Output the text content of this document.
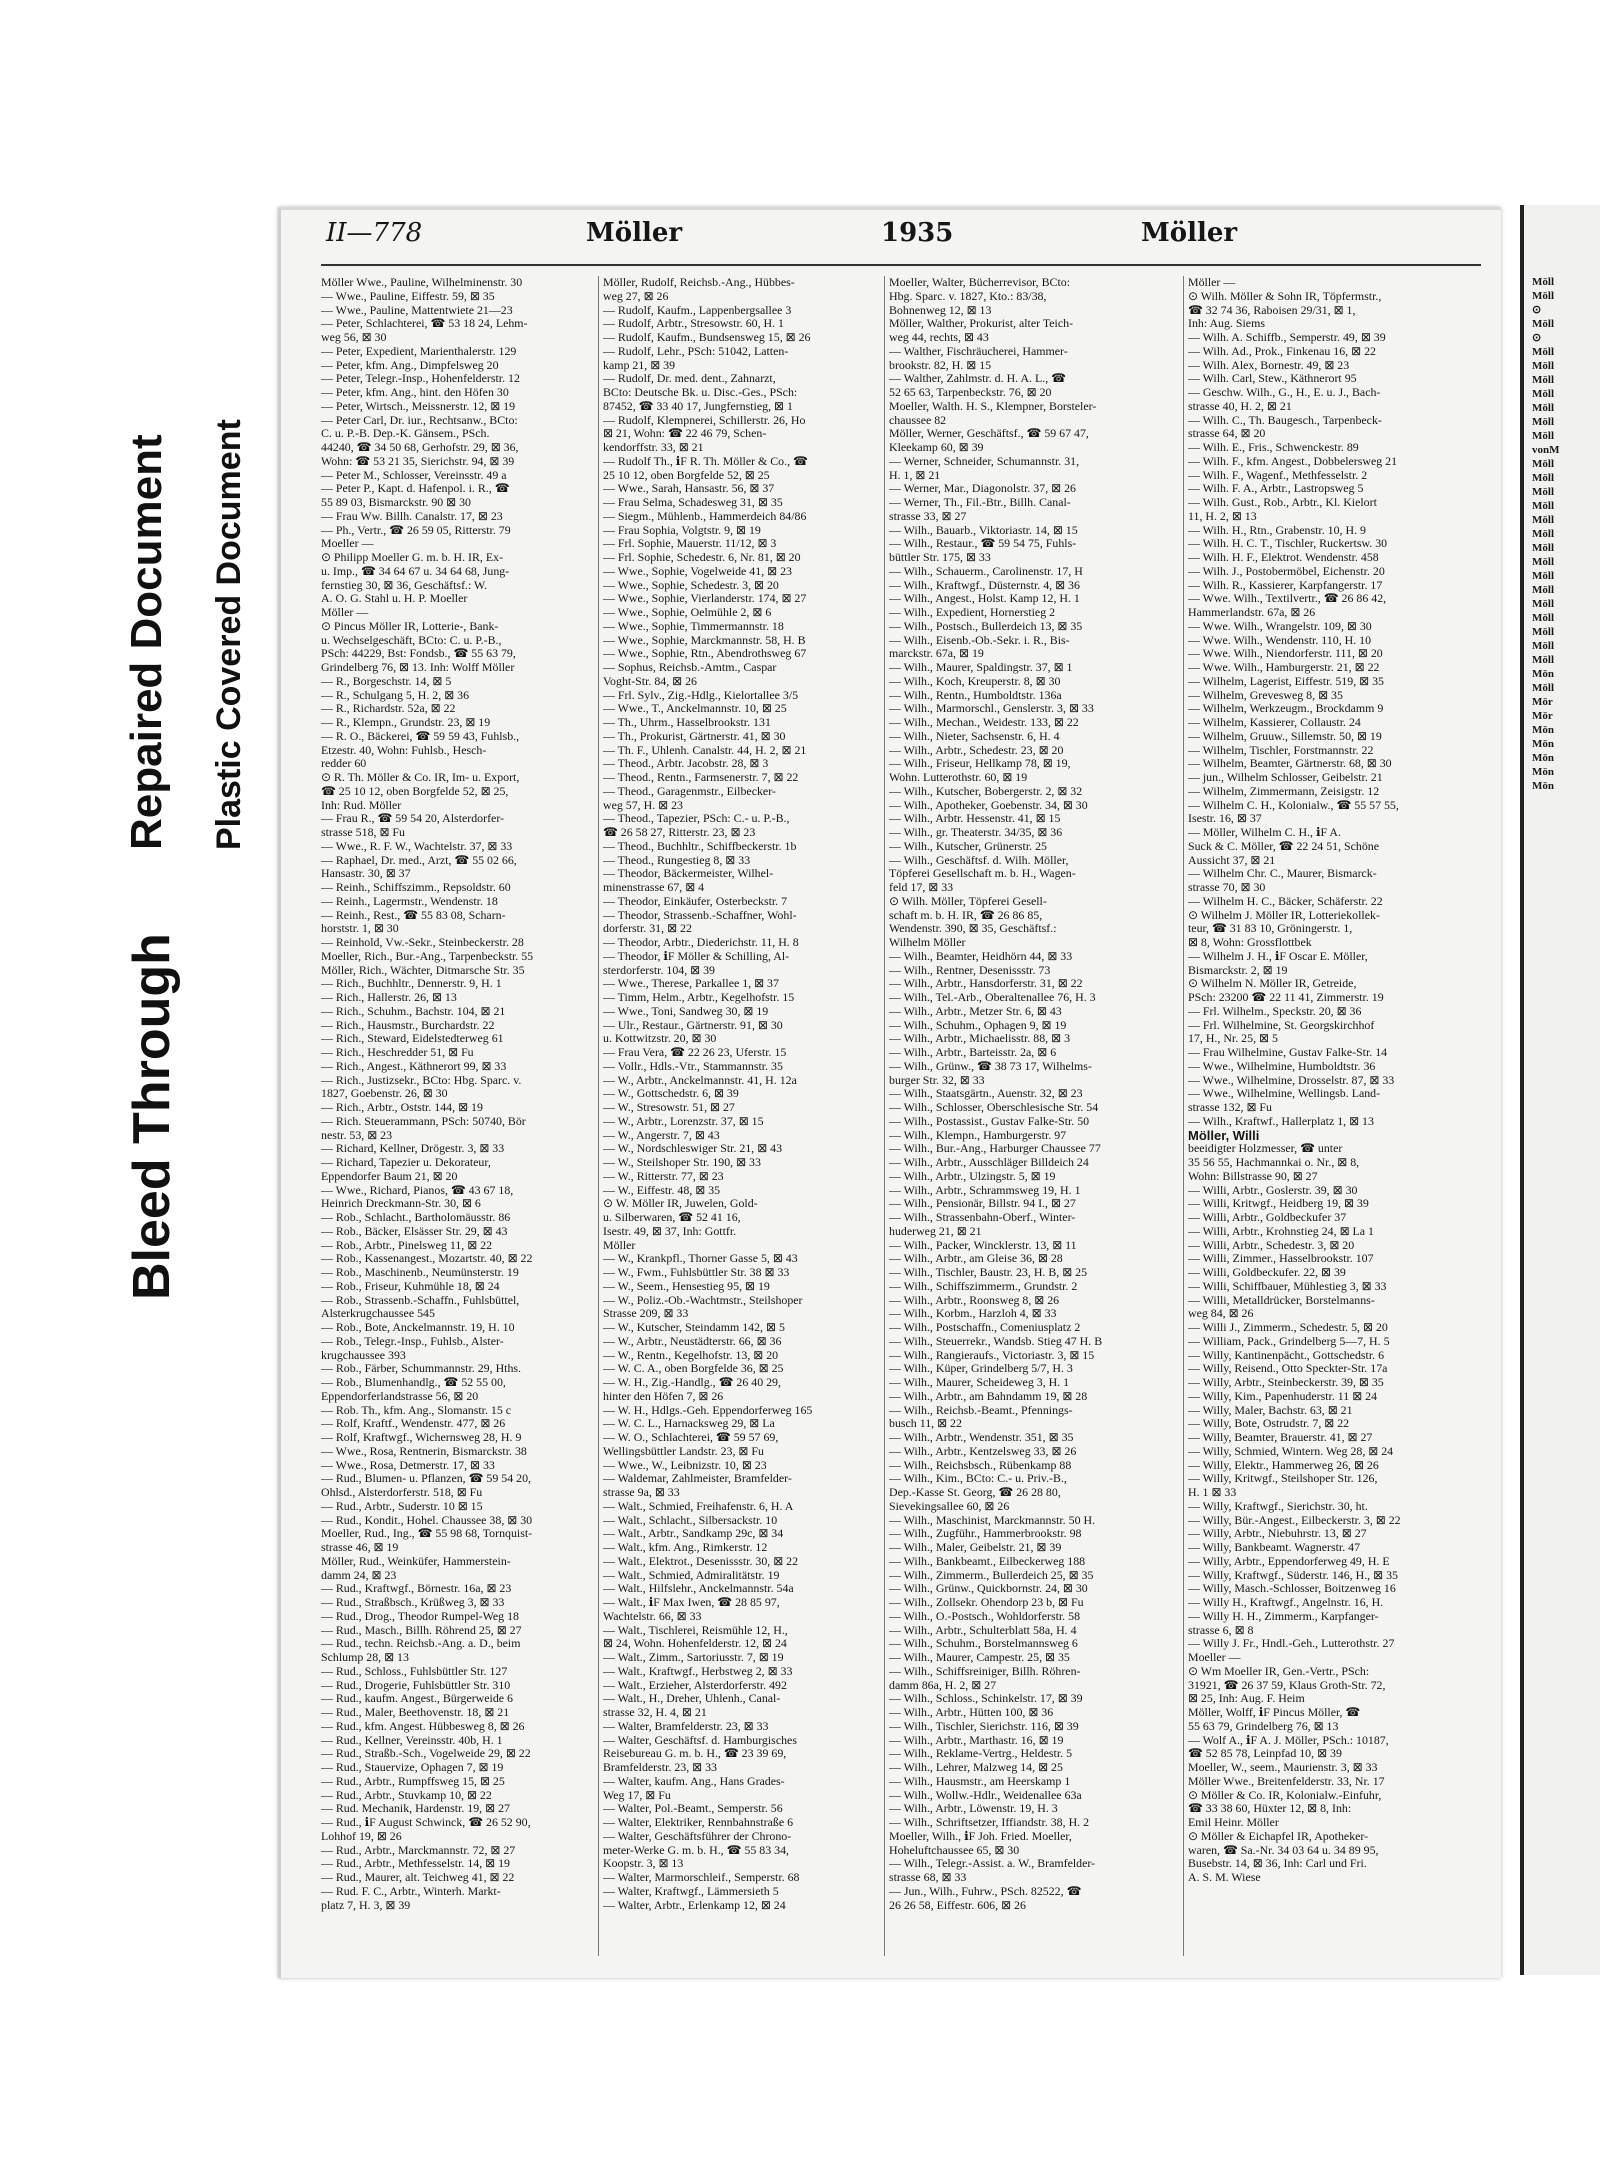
Bleed Through
Repaired Document Plastic Covered Document
II—778	Möller	1935	Möller
Möller Wwe., Pauline, Wilhelminenstr. 30
— Wwe., Pauline, Eiffestr. 59, ⊠ 35
— Wwe., Pauline, Mattentwiete 21—23
— Peter, Schlachterei, ☎ 53 18 24, Lehm-
weg 56, ⊠ 30
— Peter, Expedient, Marienthalerstr. 129
— Peter, kfm. Ang., Dimpfelsweg 20
— Peter, Telegr.-Insp., Hohenfelderstr. 12
— Peter, kfm. Ang., hint. den Höfen 30
— Peter, Wirtsch., Meissnerstr. 12, ⊠ 19
— Peter Carl, Dr. iur., Rechtsanw., BCto:
C. u. P.-B. Dep.-K. Gänsem., PSch.
44240, ☎ 34 50 68, Gerhofstr. 29, ⊠ 36,
Wohn: ☎ 53 21 35, Sierichstr. 94, ⊠ 39
— Peter M., Schlosser, Vereinsstr. 49 a
— Peter P., Kapt. d. Hafenpol. i. R., ☎
55 89 03, Bismarckstr. 90 ⊠ 30
— Frau Ww. Billh. Canalstr. 17, ⊠ 23
— Ph., Vertr., ☎ 26 59 05, Ritterstr. 79
Moeller —
⊙ Philipp Moeller G. m. b. H. IR, Ex-
u. Imp., ☎ 34 64 67 u. 34 64 68, Jung-
fernstieg 30, ⊠ 36, Geschäftsf.: W.
A. O. G. Stahl u. H. P. Moeller
Möller —
⊙ Pincus Möller IR, Lotterie-, Bank-
u. Wechselgeschäft, BCto: C. u. P.-B.,
PSch: 44229, Bst: Fondsb., ☎ 55 63 79,
Grindelberg 76, ⊠ 13. Inh: Wolff Möller
— R., Borgeschstr. 14, ⊠ 5
— R., Schulgang 5, H. 2, ⊠ 36
— R., Richardstr. 52a, ⊠ 22
— R., Klempn., Grundstr. 23, ⊠ 19
— R. O., Bäckerei, ☎ 59 59 43, Fuhlsb.,
Etzestr. 40, Wohn: Fuhlsb., Hesch-
redder 60
⊙ R. Th. Möller & Co. IR, Im- u. Export,
☎ 25 10 12, oben Borgfelde 52, ⊠ 25,
Inh: Rud. Möller
— Frau R., ☎ 59 54 20, Alsterdorfer-
strasse 518, ⊠ Fu
— Wwe., R. F. W., Wachtelstr. 37, ⊠ 33
— Raphael, Dr. med., Arzt, ☎ 55 02 66,
Hansastr. 30, ⊠ 37
— Reinh., Schiffszimm., Repsoldstr. 60
— Reinh., Lagermstr., Wendenstr. 18
— Reinh., Rest., ☎ 55 83 08, Scharn-
horststr. 1, ⊠ 30
— Reinhold, Vw.-Sekr., Steinbeckerstr. 28
Moeller, Rich., Bur.-Ang., Tarpenbeckstr. 55
Möller, Rich., Wächter, Ditmarsche Str. 35
— Rich., Buchhltr., Dennerstr. 9, H. 1
— Rich., Hallerstr. 26, ⊠ 13
— Rich., Schuhm., Bachstr. 104, ⊠ 21
— Rich., Hausmstr., Burchardstr. 22
— Rich., Steward, Eidelstedterweg 61
— Rich., Heschredder 51, ⊠ Fu
— Rich., Angest., Käthnerort 99, ⊠ 33
— Rich., Justizsekr., BCto: Hbg. Sparc. v.
1827, Goebenstr. 26, ⊠ 30
— Rich., Arbtr., Oststr. 144, ⊠ 19
— Rich. Steuerammann, PSch: 50740, Bör
nestr. 53, ⊠ 23
— Richard, Kellner, Drögestr. 3, ⊠ 33
— Richard, Tapezier u. Dekorateur,
Eppendorfer Baum 21, ⊠ 20
— Wwe., Richard, Pianos, ☎ 43 67 18,
Heinrich Dreckmann-Str. 30, ⊠ 6
— Rob., Schlacht., Bartholomäusstr. 86
— Rob., Bäcker, Elsässer Str. 29, ⊠ 43
— Rob., Arbtr., Pinelsweg 11, ⊠ 22
— Rob., Kassenangest., Mozartstr. 40, ⊠ 22
— Rob., Maschinenb., Neumünsterstr. 19
— Rob., Friseur, Kuhmühle 18, ⊠ 24
— Rob., Strassenb.-Schaffn., Fuhlsbüttel,
Alsterkrugchaussee 545
— Rob., Bote, Anckelmannstr. 19, H. 10
— Rob., Telegr.-Insp., Fuhlsb., Alster-
krugchaussee 393
— Rob., Färber, Schummannstr. 29, Hths.
— Rob., Blumenhandlg., ☎ 52 55 00,
Eppendorferlandstrasse 56, ⊠ 20
— Rob. Th., kfm. Ang., Slomanstr. 15 c
— Rolf, Kraftf., Wendenstr. 477, ⊠ 26
— Rolf, Kraftwgf., Wichernsweg 28, H. 9
— Wwe., Rosa, Rentnerin, Bismarckstr. 38
— Wwe., Rosa, Detmerstr. 17, ⊠ 33
— Rud., Blumen- u. Pflanzen, ☎ 59 54 20,
Ohlsd., Alsterdorferstr. 518, ⊠ Fu
— Rud., Arbtr., Suderstr. 10 ⊠ 15
— Rud., Kondit., Hohel. Chaussee 38, ⊠ 30
Moeller, Rud., Ing., ☎ 55 98 68, Tornquist-
strasse 46, ⊠ 19
Möller, Rud., Weinküfer, Hammerstein-
damm 24, ⊠ 23
— Rud., Kraftwgf., Börnestr. 16a, ⊠ 23
— Rud., Straßbsch., Krüßweg 3, ⊠ 33
— Rud., Drog., Theodor Rumpel-Weg 18
— Rud., Masch., Billh. Röhrend 25, ⊠ 27
— Rud., techn. Reichsb.-Ang. a. D., beim
Schlump 28, ⊠ 13
— Rud., Schloss., Fuhlsbüttler Str. 127
— Rud., Drogerie, Fuhlsbüttler Str. 310
— Rud., kaufm. Angest., Bürgerweide 6
— Rud., Maler, Beethovenstr. 18, ⊠ 21
— Rud., kfm. Angest. Hübbesweg 8, ⊠ 26
— Rud., Kellner, Vereinsstr. 40b, H. 1
— Rud., Straßb.-Sch., Vogelweide 29, ⊠ 22
— Rud., Stauervize, Ophagen 7, ⊠ 19
— Rud., Arbtr., Rumpffsweg 15, ⊠ 25
— Rud., Arbtr., Stuvkamp 10, ⊠ 22
— Rud. Mechanik, Hardenstr. 19, ⊠ 27
— Rud., ℹF August Schwinck, ☎ 26 52 90,
Lohhof 19, ⊠ 26
— Rud., Arbtr., Marckmannstr. 72, ⊠ 27
— Rud., Arbtr., Methfesselstr. 14, ⊠ 19
— Rud., Maurer, alt. Teichweg 41, ⊠ 22
— Rud. F. C., Arbtr., Winterh. Markt-
platz 7, H. 3, ⊠ 39
Möller, Rudolf, Reichsb.-Ang., Hübbes-
weg 27, ⊠ 26
— Rudolf, Kaufm., Lappenbergsallee 3
— Rudolf, Arbtr., Stresowstr. 60, H. 1
— Rudolf, Kaufm., Bundsensweg 15, ⊠ 26
— Rudolf, Lehr., PSch: 51042, Latten-
kamp 21, ⊠ 39
— Rudolf, Dr. med. dent., Zahnarzt,
BCto: Deutsche Bk. u. Disc.-Ges., PSch:
87452, ☎ 33 40 17, Jungfernstieg, ⊠ 1
— Rudolf, Klempnerei, Schillerstr. 26, Ho
⊠ 21, Wohn: ☎ 22 46 79, Schen-
kendorffstr. 33, ⊠ 21
— Rudolf Th., ℹF R. Th. Möller & Co., ☎
25 10 12, oben Borgfelde 52, ⊠ 25
— Wwe., Sarah, Hansastr. 56, ⊠ 37
— Frau Selma, Schadesweg 31, ⊠ 35
— Siegm., Mühlenb., Hammerdeich 84/86
— Frau Sophia, Volgtstr. 9, ⊠ 19
— Frl. Sophie, Mauerstr. 11/12, ⊠ 3
— Frl. Sophie, Schedestr. 6, Nr. 81, ⊠ 20
— Wwe., Sophie, Vogelweide 41, ⊠ 23
— Wwe., Sophie, Schedestr. 3, ⊠ 20
— Wwe., Sophie, Vierlanderstr. 174, ⊠ 27
— Wwe., Sophie, Oelmühle 2, ⊠ 6
— Wwe., Sophie, Timmermannstr. 18
— Wwe., Sophie, Marckmannstr. 58, H. B
— Wwe., Sophie, Rtn., Abendrothsweg 67
— Sophus, Reichsb.-Amtm., Caspar
Voght-Str. 84, ⊠ 26
— Frl. Sylv., Zig.-Hdlg., Kielortallee 3/5
— Wwe., T., Anckelmannstr. 10, ⊠ 25
— Th., Uhrm., Hasselbrookstr. 131
— Th., Prokurist, Gärtnerstr. 41, ⊠ 30
— Th. F., Uhlenh. Canalstr. 44, H. 2, ⊠ 21
— Theod., Arbtr. Jacobstr. 28, ⊠ 3
— Theod., Rentn., Farmsenerstr. 7, ⊠ 22
— Theod., Garagenmstr., Eilbecker-
weg 57, H. ⊠ 23
— Theod., Tapezier, PSch: C.- u. P.-B.,
☎ 26 58 27, Ritterstr. 23, ⊠ 23
— Theod., Buchhltr., Schiffbeckerstr. 1b
— Theod., Rungestieg 8, ⊠ 33
— Theodor, Bäckermeister, Wilhel-
minenstrasse 67, ⊠ 4
— Theodor, Einkäufer, Osterbeckstr. 7
— Theodor, Strassenb.-Schaffner, Wohl-
dorferstr. 31, ⊠ 22
— Theodor, Arbtr., Diederichstr. 11, H. 8
— Theodor, ℹF Möller & Schilling, Al-
sterdorferstr. 104, ⊠ 39
— Wwe., Therese, Parkallee 1, ⊠ 37
— Timm, Helm., Arbtr., Kegelhofstr. 15
— Wwe., Toni, Sandweg 30, ⊠ 19
— Ulr., Restaur., Gärtnerstr. 91, ⊠ 30
u. Kottwitzstr. 20, ⊠ 30
— Frau Vera, ☎ 22 26 23, Uferstr. 15
— Vollr., Hdls.-Vtr., Stammannstr. 35
— W., Arbtr., Anckelmannstr. 41, H. 12a
— W., Gottschedstr. 6, ⊠ 39
— W., Stresowstr. 51, ⊠ 27
— W., Arbtr., Lorenzstr. 37, ⊠ 15
— W., Angerstr. 7, ⊠ 43
— W., Nordschleswiger Str. 21, ⊠ 43
— W., Steilshoper Str. 190, ⊠ 33
— W., Ritterstr. 77, ⊠ 23
— W., Eiffestr. 48, ⊠ 35
⊙ W. Möller IR, Juwelen, Gold-
u. Silberwaren, ☎ 52 41 16,
Isestr. 49, ⊠ 37, Inh: Gottfr.
Möller
— W., Krankpfl., Thorner Gasse 5, ⊠ 43
— W., Fwm., Fuhlsbüttler Str. 38 ⊠ 33
— W., Seem., Hensestieg 95, ⊠ 19
— W., Poliz.-Ob.-Wachtmstr., Steilshoper
Strasse 209, ⊠ 33
— W., Kutscher, Steindamm 142, ⊠ 5
— W., Arbtr., Neustädterstr. 66, ⊠ 36
— W., Rentn., Kegelhofstr. 13, ⊠ 20
— W. C. A., oben Borgfelde 36, ⊠ 25
— W. H., Zig.-Handlg., ☎ 26 40 29,
hinter den Höfen 7, ⊠ 26
— W. H., Hdlgs.-Geh. Eppendorferweg 165
— W. C. L., Harnacksweg 29, ⊠ La
— W. O., Schlachterei, ☎ 59 57 69,
Wellingsbüttler Landstr. 23, ⊠ Fu
— Wwe., W., Leibnizstr. 10, ⊠ 23
— Waldemar, Zahlmeister, Bramfelder-
strasse 9a, ⊠ 33
— Walt., Schmied, Freihafenstr. 6, H. A
— Walt., Schlacht., Silbersackstr. 10
— Walt., Arbtr., Sandkamp 29c, ⊠ 34
— Walt., kfm. Ang., Rimkerstr. 12
— Walt., Elektrot., Desenissstr. 30, ⊠ 22
— Walt., Schmied, Admiralitätstr. 19
— Walt., Hilfslehr., Anckelmannstr. 54a
— Walt., ℹF Max Iwen, ☎ 28 85 97,
Wachtelstr. 66, ⊠ 33
— Walt., Tischlerei, Reismühle 12, H.,
⊠ 24, Wohn. Hohenfelderstr. 12, ⊠ 24
— Walt., Zimm., Sartoriusstr. 7, ⊠ 19
— Walt., Kraftwgf., Herbstweg 2, ⊠ 33
— Walt., Erzieher, Alsterdorferstr. 492
— Walt., H., Dreher, Uhlenh., Canal-
strasse 32, H. 4, ⊠ 21
— Walter, Bramfelderstr. 23, ⊠ 33
— Walter, Geschäftsf. d. Hamburgisches
Reisebureau G. m. b. H., ☎ 23 39 69,
Bramfelderstr. 23, ⊠ 33
— Walter, kaufm. Ang., Hans Grades-
Weg 17, ⊠ Fu
— Walter, Pol.-Beamt., Semperstr. 56
— Walter, Elektriker, Rennbahnstraße 6
— Walter, Geschäftsführer der Chrono-
meter-Werke G. m. b. H., ☎ 55 83 34,
Koopstr. 3, ⊠ 13
— Walter, Marmorschleif., Semperstr. 68
— Walter, Kraftwgf., Lämmersieth 5
— Walter, Arbtr., Erlenkamp 12, ⊠ 24
Moeller, Walter, Bücherrevisor, BCto:
Hbg. Sparc. v. 1827, Kto.: 83/38,
Bohnenweg 12, ⊠ 13
Möller, Walther, Prokurist, alter Teich-
weg 44, rechts, ⊠ 43
— Walther, Fischräucherei, Hammer-
brookstr. 82, H. ⊠ 15
— Walther, Zahlmstr. d. H. A. L., ☎
52 65 63, Tarpenbeckstr. 76, ⊠ 20
Moeller, Walth. H. S., Klempner, Borsteler-
chaussee 82
Möller, Werner, Geschäftsf., ☎ 59 67 47,
Kleekamp 60, ⊠ 39
— Werner, Schneider, Schumannstr. 31,
H. 1, ⊠ 21
— Werner, Mar., Diagonolstr. 37, ⊠ 26
— Werner, Th., Fil.-Btr., Billh. Canal-
strasse 33, ⊠ 27
— Wilh., Bauarb., Viktoriastr. 14, ⊠ 15
— Wilh., Restaur., ☎ 59 54 75, Fuhls-
büttler Str. 175, ⊠ 33
— Wilh., Schauerm., Carolinenstr. 17, H
— Wilh., Kraftwgf., Düsternstr. 4, ⊠ 36
— Wilh., Angest., Holst. Kamp 12, H. 1
— Wilh., Expedient, Hornerstieg 2
— Wilh., Postsch., Bullerdeich 13, ⊠ 35
— Wilh., Eisenb.-Ob.-Sekr. i. R., Bis-
marckstr. 67a, ⊠ 19
— Wilh., Maurer, Spaldingstr. 37, ⊠ 1
— Wilh., Koch, Kreuperstr. 8, ⊠ 30
— Wilh., Rentn., Humboldtstr. 136a
— Wilh., Marmorschl., Genslerstr. 3, ⊠ 33
— Wilh., Mechan., Weidestr. 133, ⊠ 22
— Wilh., Nieter, Sachsenstr. 6, H. 4
— Wilh., Arbtr., Schedestr. 23, ⊠ 20
— Wilh., Friseur, Hellkamp 78, ⊠ 19,
Wohn. Lutterothstr. 60, ⊠ 19
— Wilh., Kutscher, Bobergerstr. 2, ⊠ 32
— Wilh., Apotheker, Goebenstr. 34, ⊠ 30
— Wilh., Arbtr. Hessenstr. 41, ⊠ 15
— Wilh., gr. Theaterstr. 34/35, ⊠ 36
— Wilh., Kutscher, Grünerstr. 25
— Wilh., Geschäftsf. d. Wilh. Möller,
Töpferei Gesellschaft m. b. H., Wagen-
feld 17, ⊠ 33
⊙ Wilh. Möller, Töpferei Gesell-
schaft m. b. H. IR, ☎ 26 86 85,
Wendenstr. 390, ⊠ 35, Geschäftsf.:
Wilhelm Möller
— Wilh., Beamter, Heidhörn 44, ⊠ 33
— Wilh., Rentner, Desenissstr. 73
— Wilh., Arbtr., Hansdorferstr. 31, ⊠ 22
— Wilh., Tel.-Arb., Oberaltenallee 76, H. 3
— Wilh., Arbtr., Metzer Str. 6, ⊠ 43
— Wilh., Schuhm., Ophagen 9, ⊠ 19
— Wilh., Arbtr., Michaelisstr. 88, ⊠ 3
— Wilh., Arbtr., Barteisstr. 2a, ⊠ 6
— Wilh., Grünw., ☎ 38 73 17, Wilhelms-
burger Str. 32, ⊠ 33
— Wilh., Staatsgärtn., Auenstr. 32, ⊠ 23
— Wilh., Schlosser, Oberschlesische Str. 54
— Wilh., Postassist., Gustav Falke-Str. 50
— Wilh., Klempn., Hamburgerstr. 97
— Wilh., Bur.-Ang., Harburger Chaussee 77
— Wilh., Arbtr., Ausschläger Billdeich 24
— Wilh., Arbtr., Ulzingstr. 5, ⊠ 19
— Wilh., Arbtr., Schrammsweg 19, H. 1
— Wilh., Pensionär, Billstr. 94 I., ⊠ 27
— Wilh., Strassenbahn-Oberf., Winter-
huderweg 21, ⊠ 21
— Wilh., Packer, Wincklerstr. 13, ⊠ 11
— Wilh., Arbtr., am Gleise 36, ⊠ 28
— Wilh., Tischler, Baustr. 23, H. B, ⊠ 25
— Wilh., Schiffszimmerm., Grundstr. 2
— Wilh., Arbtr., Roonsweg 8, ⊠ 26
— Wilh., Korbm., Harzloh 4, ⊠ 33
— Wilh., Postschaffn., Comeniusplatz 2
— Wilh., Steuerrekr., Wandsb. Stieg 47 H. B
— Wilh., Rangieraufs., Victoriastr. 3, ⊠ 15
— Wilh., Küper, Grindelberg 5/7, H. 3
— Wilh., Maurer, Scheideweg 3, H. 1
— Wilh., Arbtr., am Bahndamm 19, ⊠ 28
— Wilh., Reichsb.-Beamt., Pfennings-
busch 11, ⊠ 22
— Wilh., Arbtr., Wendenstr. 351, ⊠ 35
— Wilh., Arbtr., Kentzelsweg 33, ⊠ 26
— Wilh., Reichsbsch., Rübenkamp 88
— Wilh., Kim., BCto: C.- u. Priv.-B.,
Dep.-Kasse St. Georg, ☎ 26 28 80,
Sievekingsallee 60, ⊠ 26
— Wilh., Maschinist, Marckmannstr. 50 H.
— Wilh., Zugführ., Hammerbrookstr. 98
— Wilh., Maler, Geibelstr. 21, ⊠ 39
— Wilh., Bankbeamt., Eilbeckerweg 188
— Wilh., Zimmerm., Bullerdeich 25, ⊠ 35
— Wilh., Grünw., Quickbornstr. 24, ⊠ 30
— Wilh., Zollsekr. Ohendorp 23 b, ⊠ Fu
— Wilh., O.-Postsch., Wohldorferstr. 58
— Wilh., Arbtr., Schulterblatt 58a, H. 4
— Wilh., Schuhm., Borstelmannsweg 6
— Wilh., Maurer, Campestr. 25, ⊠ 35
— Wilh., Schiffsreiniger, Billh. Röhren-
damm 86a, H. 2, ⊠ 27
— Wilh., Schloss., Schinkelstr. 17, ⊠ 39
— Wilh., Arbtr., Hütten 100, ⊠ 36
— Wilh., Tischler, Sierichstr. 116, ⊠ 39
— Wilh., Arbtr., Marthastr. 16, ⊠ 19
— Wilh., Reklame-Vertrg., Heldestr. 5
— Wilh., Lehrer, Malzweg 14, ⊠ 25
— Wilh., Hausmstr., am Heerskamp 1
— Wilh., Wollw.-Hdlr., Weidenallee 63a
— Wilh., Arbtr., Löwenstr. 19, H. 3
— Wilh., Schriftsetzer, Iffiandstr. 38, H. 2
Moeller, Wilh., ℹF Joh. Fried. Moeller,
Hoheluftchaussee 65, ⊠ 30
— Wilh., Telegr.-Assist. a. W., Bramfelder-
strasse 68, ⊠ 33
— Jun., Wilh., Fuhrw., PSch. 82522, ☎
26 26 58, Eiffestr. 606, ⊠ 26
Möller —
⊙ Wilh. Möller & Sohn IR, Töpfermstr.,
☎ 32 74 36, Raboisen 29/31, ⊠ 1,
Inh: Aug. Siems
— Wilh. A. Schiffb., Semperstr. 49, ⊠ 39
— Wilh. Ad., Prok., Finkenau 16, ⊠ 22
— Wilh. Alex, Bornestr. 49, ⊠ 23
— Wilh. Carl, Stew., Käthnerort 95
— Geschw. Wilh., G., H., E. u. J., Bach-
strasse 40, H. 2, ⊠ 21
— Wilh. C., Th. Baugesch., Tarpenbeck-
strasse 64, ⊠ 20
— Wilh. E., Fris., Schwenckestr. 89
— Wilh. F., kfm. Angest., Dobbelersweg 21
— Wilh. F., Wagenf., Methfesselstr. 2
— Wilh. F. A., Arbtr., Lastropsweg 5
— Wilh. Gust., Rob., Arbtr., Kl. Kielort
11, H. 2, ⊠ 13
— Wilh. H., Rtn., Grabenstr. 10, H. 9
— Wilh. H. C. T., Tischler, Ruckertsw. 30
— Wilh. H. F., Elektrot. Wendenstr. 458
— Wilh. J., Postobermöbel, Eichenstr. 20
— Wilh. R., Kassierer, Karpfangerstr. 17
— Wwe. Wilh., Textilvertr., ☎ 26 86 42,
Hammerlandstr. 67a, ⊠ 26
— Wwe. Wilh., Wrangelstr. 109, ⊠ 30
— Wwe. Wilh., Wendenstr. 110, H. 10
— Wwe. Wilh., Niendorferstr. 111, ⊠ 20
— Wwe. Wilh., Hamburgerstr. 21, ⊠ 22
— Wilhelm, Lagerist, Eiffestr. 519, ⊠ 35
— Wilhelm, Grevesweg 8, ⊠ 35
— Wilhelm, Werkzeugm., Brockdamm 9
— Wilhelm, Kassierer, Collaustr. 24
— Wilhelm, Gruuw., Sillemstr. 50, ⊠ 19
— Wilhelm, Tischler, Forstmannstr. 22
— Wilhelm, Beamter, Gärtnerstr. 68, ⊠ 30
— jun., Wilhelm Schlosser, Geibelstr. 21
— Wilhelm, Zimmermann, Zeisigstr. 12
— Wilhelm C. H., Kolonialw., ☎ 55 57 55,
Isestr. 16, ⊠ 37
— Möller, Wilhelm C. H., ℹF A.
Suck & C. Möller, ☎ 22 24 51, Schöne
Aussicht 37, ⊠ 21
— Wilhelm Chr. C., Maurer, Bismarck-
strasse 70, ⊠ 30
— Wilhelm H. C., Bäcker, Schäferstr. 22
⊙ Wilhelm J. Möller IR, Lotteriekollek-
teur, ☎ 31 83 10, Gröningerstr. 1,
⊠ 8, Wohn: Grossflottbek
— Wilhelm J. H., ℹF Oscar E. Möller,
Bismarckstr. 2, ⊠ 19
⊙ Wilhelm N. Möller IR, Getreide,
PSch: 23200 ☎ 22 11 41, Zimmerstr. 19
— Frl. Wilhelm., Speckstr. 20, ⊠ 36
— Frl. Wilhelmine, St. Georgskirchhof
17, H., Nr. 25, ⊠ 5
— Frau Wilhelmine, Gustav Falke-Str. 14
— Wwe., Wilhelmine, Humboldtstr. 36
— Wwe., Wilhelmine, Drosselstr. 87, ⊠ 33
— Wwe., Wilhelmine, Wellingsb. Land-
strasse 132, ⊠ Fu
— Wilh., Kraftwf., Hallerplatz 1, ⊠ 13
Möller, Willi
beeidigter Holzmesser, ☎ unter
35 56 55, Hachmannkai o. Nr., ⊠ 8,
Wohn: Billstrasse 90, ⊠ 27
— Willi, Arbtr., Goslerstr. 39, ⊠ 30
— Willi, Kritwgf., Heidberg 19, ⊠ 39
— Willi, Arbtr., Goldbeckufer 37
— Willi, Arbtr., Krohnstieg 24, ⊠ La 1
— Willi, Arbtr., Schedestr. 3, ⊠ 20
— Willi, Zimmer., Hasselbrookstr. 107
— Willi, Goldbeckufer. 22, ⊠ 39
— Willi, Schiffbauer, Mühlestieg 3, ⊠ 33
— Willi, Metalldrücker, Borstelmanns-
weg 84, ⊠ 26
— Willi J., Zimmerm., Schedestr. 5, ⊠ 20
— William, Pack., Grindelberg 5—7, H. 5
— Willy, Kantinenpächt., Gottschedstr. 6
— Willy, Reisend., Otto Speckter-Str. 17a
— Willy, Arbtr., Steinbeckerstr. 39, ⊠ 35
— Willy, Kim., Papenhuderstr. 11 ⊠ 24
— Willy, Maler, Bachstr. 63, ⊠ 21
— Willy, Bote, Ostrudstr. 7, ⊠ 22
— Willy, Beamter, Brauerstr. 41, ⊠ 27
— Willy, Schmied, Wintern. Weg 28, ⊠ 24
— Willy, Elektr., Hammerweg 26, ⊠ 26
— Willy, Kritwgf., Steilshoper Str. 126,
H. 1 ⊠ 33
— Willy, Kraftwgf., Sierichstr. 30, ht.
— Willy, Bür.-Angest., Eilbeckerstr. 3, ⊠ 22
— Willy, Arbtr., Niebuhrstr. 13, ⊠ 27
— Willy, Bankbeamt. Wagnerstr. 47
— Willy, Arbtr., Eppendorferweg 49, H. E
— Willy, Kraftwgf., Süderstr. 146, H., ⊠ 35
— Willy, Masch.-Schlosser, Boitzenweg 16
— Willy H., Kraftwgf., Angelnstr. 16, H.
— Willy H. H., Zimmerm., Karpfanger-
strasse 6, ⊠ 8
— Willy J. Fr., Hndl.-Geh., Lutterothstr. 27
Moeller —
⊙ Wm Moeller IR, Gen.-Vertr., PSch:
31921, ☎ 26 37 59, Klaus Groth-Str. 72,
⊠ 25, Inh: Aug. F. Heim
Möller, Wolff, ℹF Pincus Möller, ☎
55 63 79, Grindelberg 76, ⊠ 13
— Wolf A., ℹF A. J. Möller, PSch.: 10187,
☎ 52 85 78, Leinpfad 10, ⊠ 39
Moeller, W., seem., Maurienstr. 3, ⊠ 33
Möller Wwe., Breitenfelderstr. 33, Nr. 17
⊙ Möller & Co. IR, Kolonialw.-Einfuhr,
☎ 33 38 60, Hüxter 12, ⊠ 8, Inh:
Emil Heinr. Möller
⊙ Möller & Eichapfel IR, Apotheker-
waren, ☎ Sa.-Nr. 34 03 64 u. 34 89 95,
Busebstr. 14, ⊠ 36, Inh: Carl und Fri.
A. S. M. Wiese
Möll
Möll
⊙
Möll
⊙
Möll
Möll
Möll
Möll
Möll
Möll
Möll
vonM
Möll
Möll
Möll
Möll
Möll
Möll
Möll
Möll
Möll
Möll
Möll
Möll
Möll
Möll
Möll
Mön
Möll
Mör
Mör
Mön
Mön
Mön
Mön
Mön
